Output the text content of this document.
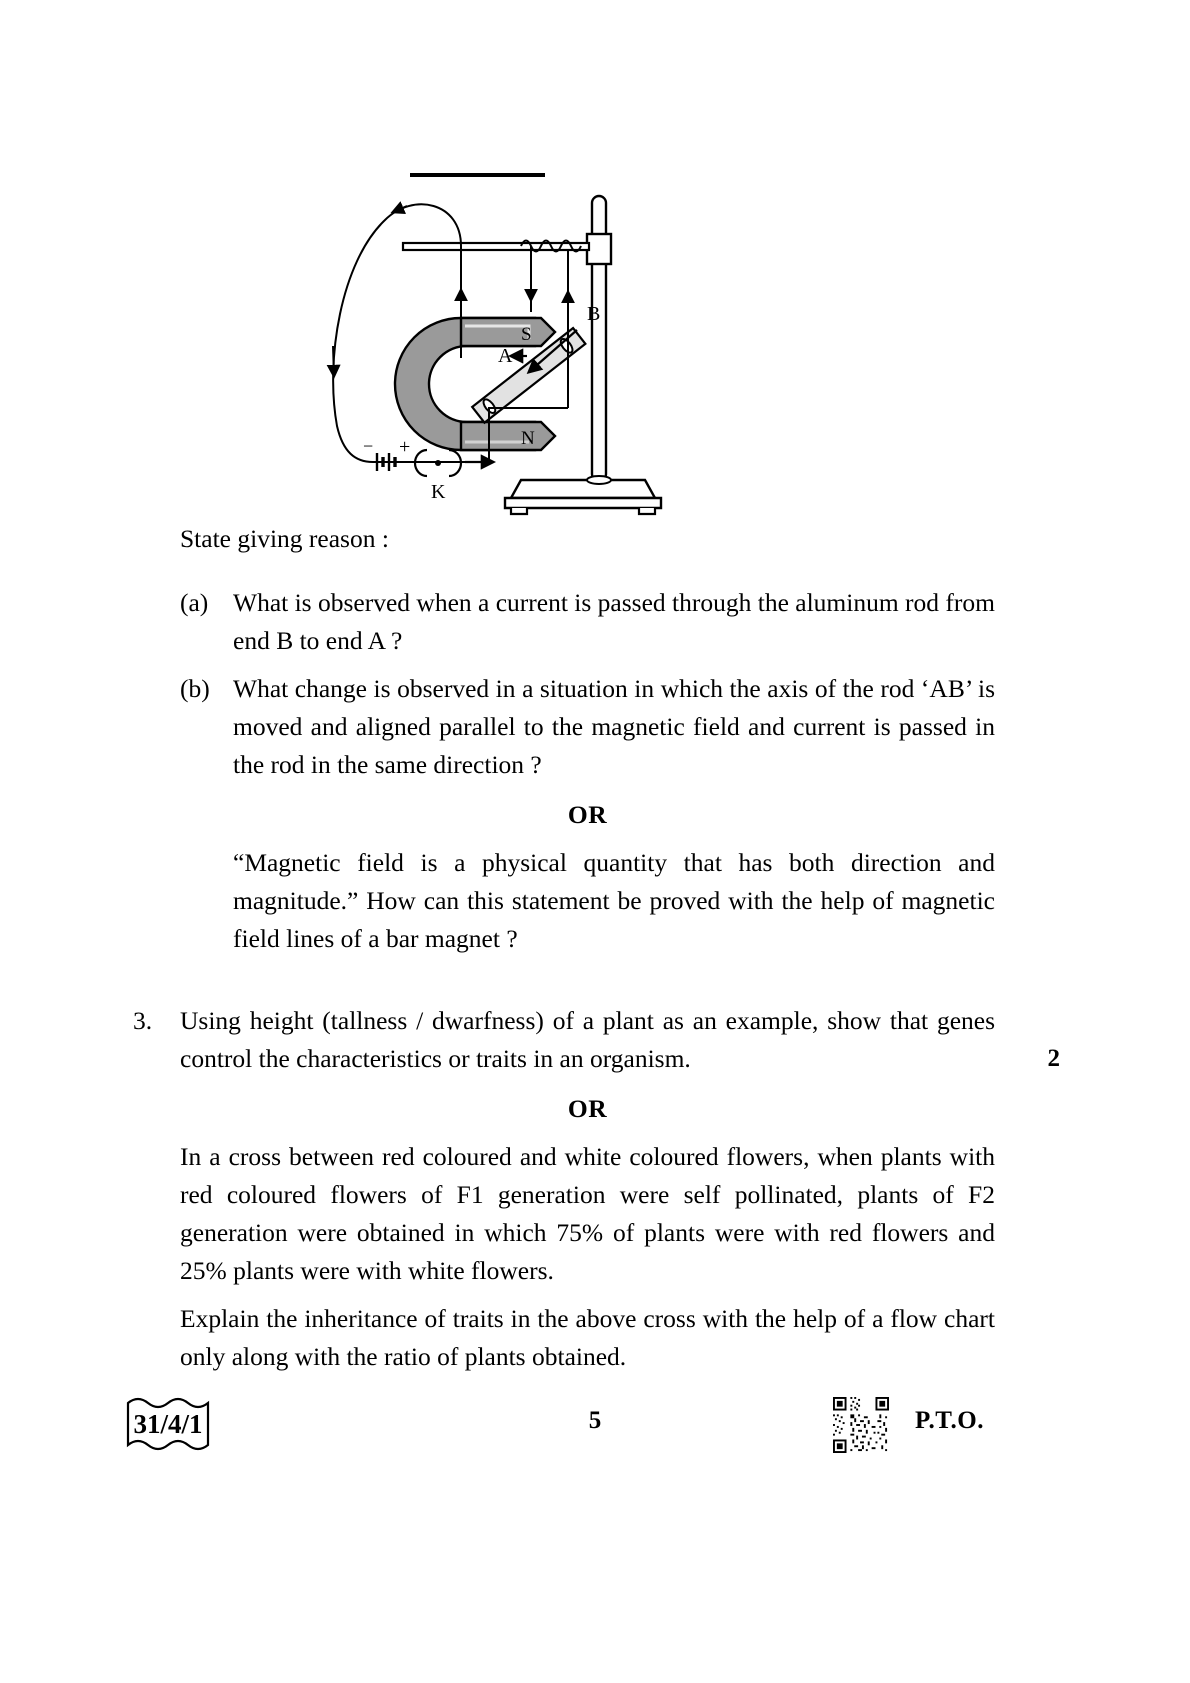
S
N
A
B
− +
K

State giving reason :

(a) What is observed when a current is passed through the aluminum rod from end B to end A ?
(b) What change is observed in a situation in which the axis of the rod ‘AB’ is moved and aligned parallel to the magnetic field and current is passed in the rod in the same direction ?
OR

“Magnetic field is a physical quantity that has both direction and magnitude.” How can this statement be proved with the help of magnetic field lines of a bar magnet ?

3.	Using height (tallness / dwarfness) of a plant as an example, show that genes control the characteristics or traits in an organism.	2
OR

In a cross between red coloured and white coloured flowers, when plants with red coloured flowers of F1 generation were self pollinated, plants of F2 generation were obtained in which 75% of plants were with red flowers and 25% plants were with white flowers.

Explain the inheritance of traits in the above cross with the help of a flow chart only along with the ratio of plants obtained.

31/4/1	5	P.T.O.
